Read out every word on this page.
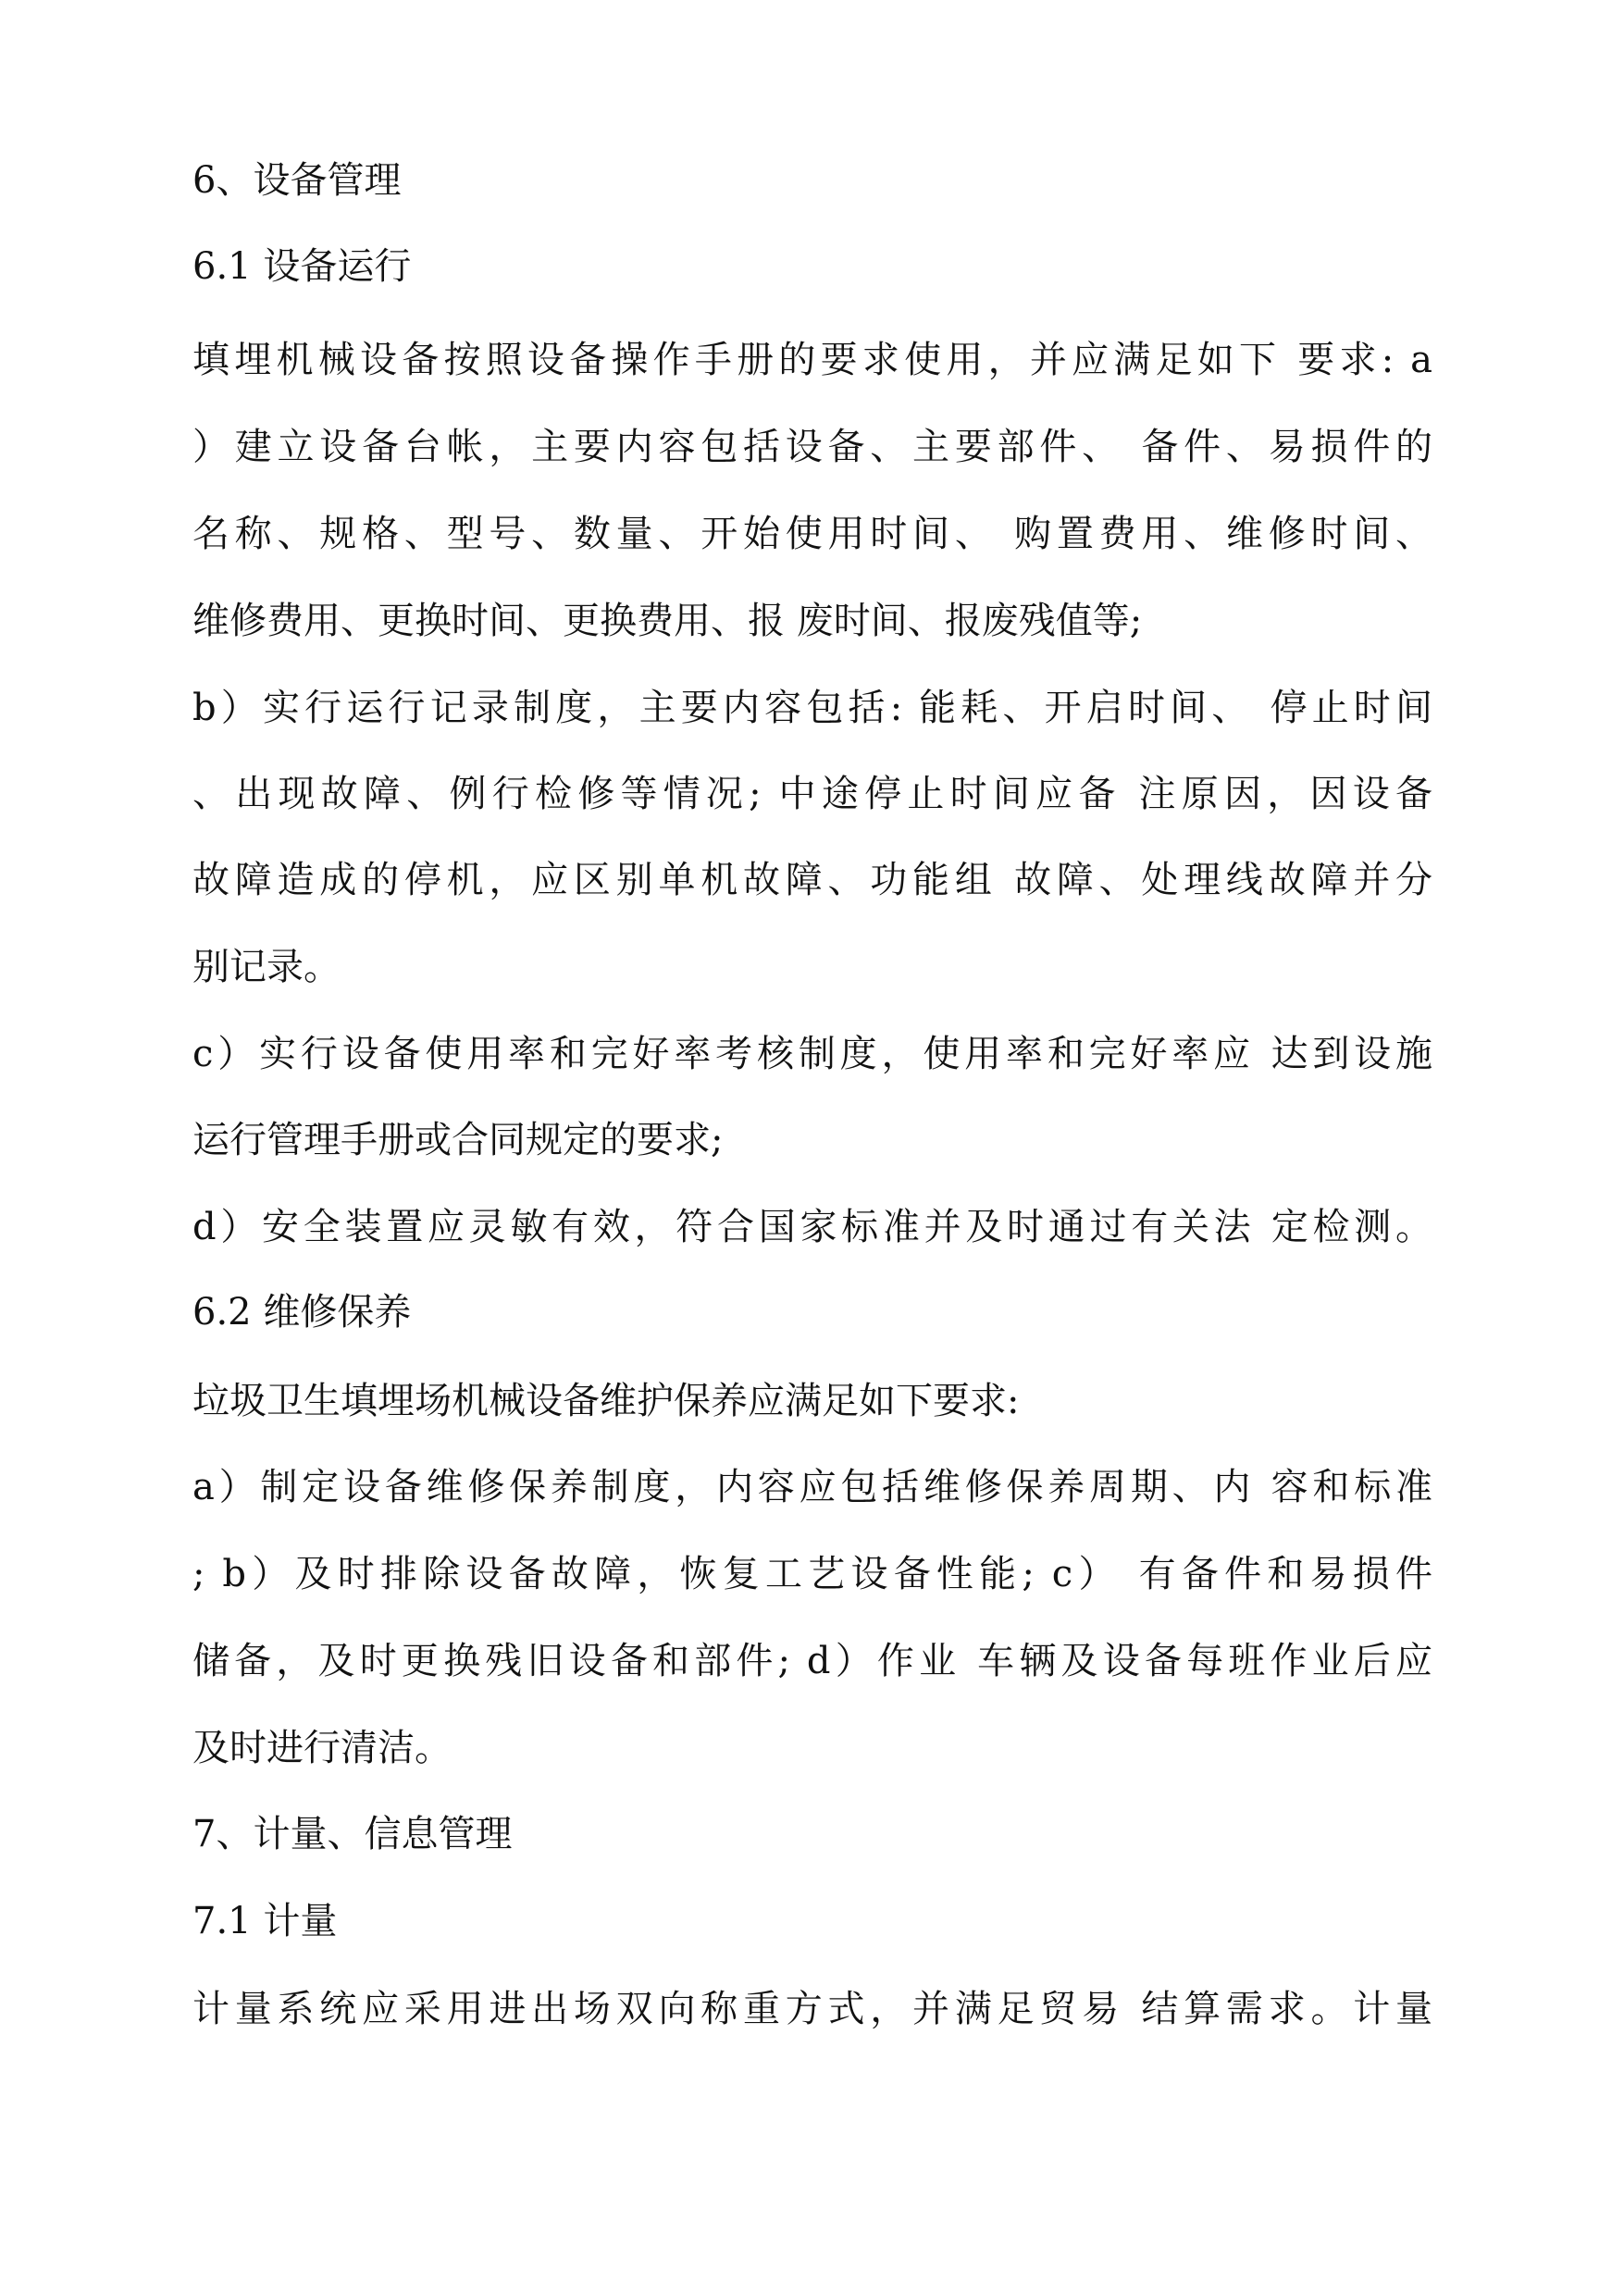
6、设备管理
6.1 设备运行
填埋机械设备按照设备操作手册的要求使用，并应满足如下 要求: a
）建立设备台帐，主要内容包括设备、主要部件、 备件、易损件的
名称、规格、型号、数量、开始使用时间、 购置费用、维修时间、
维修费用、更换时间、更换费用、报 废时间、报废残值等;
b）实行运行记录制度，主要内容包括: 能耗、开启时间、 停止时间
、出现故障、例行检修等情况; 中途停止时间应备 注原因，因设备
故障造成的停机，应区别单机故障、功能组 故障、处理线故障并分
别记录。
c）实行设备使用率和完好率考核制度，使用率和完好率应 达到设施
运行管理手册或合同规定的要求;
d）安全装置应灵敏有效，符合国家标准并及时通过有关法 定检测。
6.2 维修保养
垃圾卫生填埋场机械设备维护保养应满足如下要求:
a）制定设备维修保养制度，内容应包括维修保养周期、内 容和标准
; b）及时排除设备故障，恢复工艺设备性能; c） 有备件和易损件
储备，及时更换残旧设备和部件; d）作业 车辆及设备每班作业后应
及时进行清洁。
7、计量、信息管理
7.1 计量
计量系统应采用进出场双向称重方式，并满足贸易 结算需求。计量
